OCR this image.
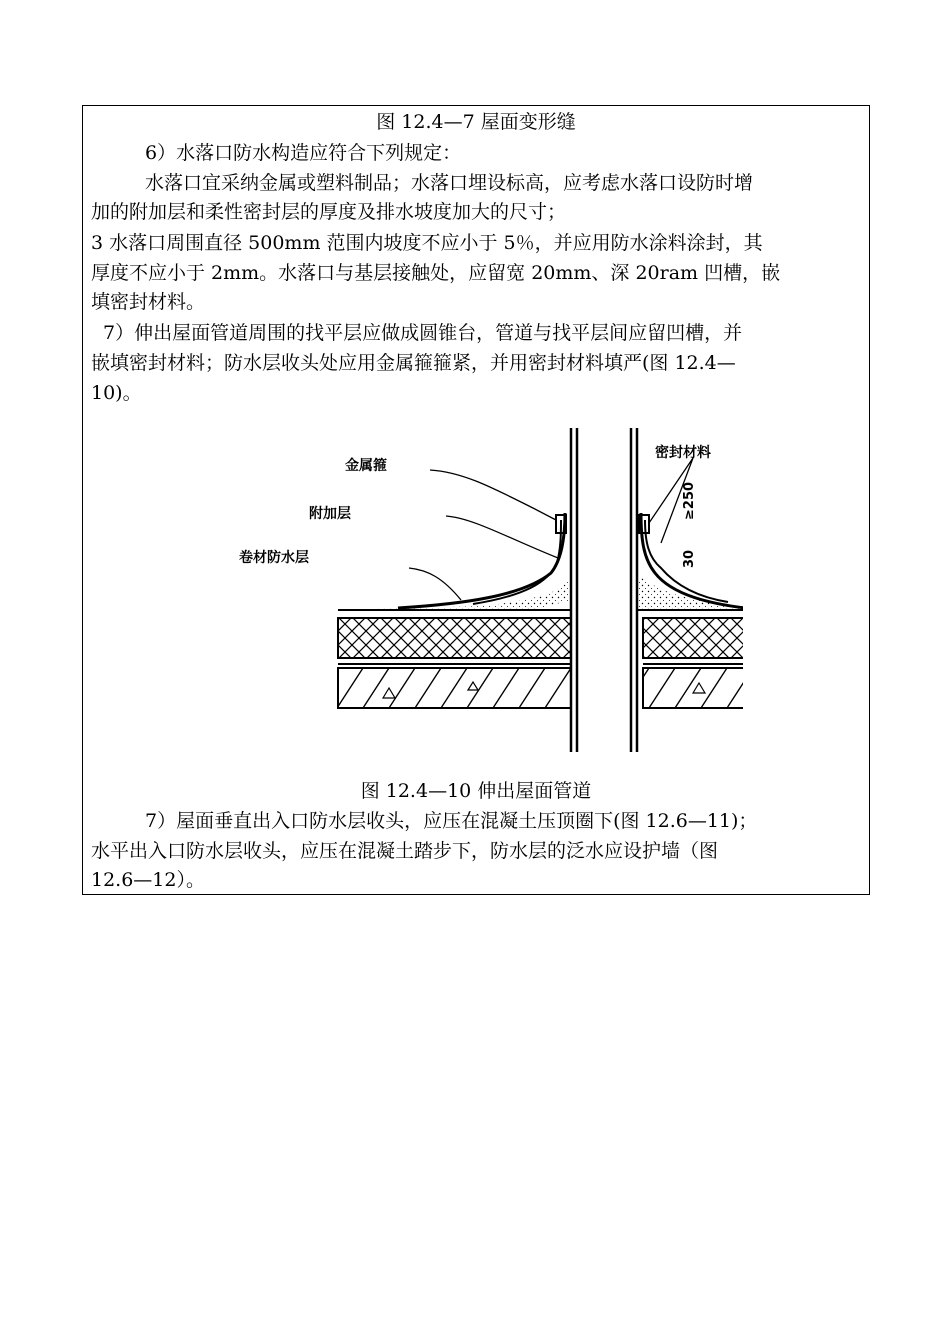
图 12.4—7 屋面变形缝
6）水落口防水构造应符合下列规定：
水落口宜采纳金属或塑料制品；水落口埋设标高，应考虑水落口设防时增
加的附加层和柔性密封层的厚度及排水坡度加大的尺寸；
3 水落口周围直径 500mm 范围内坡度不应小于 5％，并应用防水涂料涂封，其
厚度不应小于 2mm。水落口与基层接触处，应留宽 20mm、深 20ram 凹槽，嵌
填密封材料。
7）伸出屋面管道周围的找平层应做成圆锥台，管道与找平层间应留凹槽，并
嵌填密封材料；防水层收头处应用金属箍箍紧，并用密封材料填严(图 12.4—
10)。
金属箍
附加层
卷材防水层
密封材料
≥250
30
图 12.4—10 伸出屋面管道
7）屋面垂直出入口防水层收头，应压在混凝土压顶圈下(图 12.6—11)；
水平出入口防水层收头，应压在混凝土踏步下，防水层的泛水应设护墙（图
12.6—12）。
